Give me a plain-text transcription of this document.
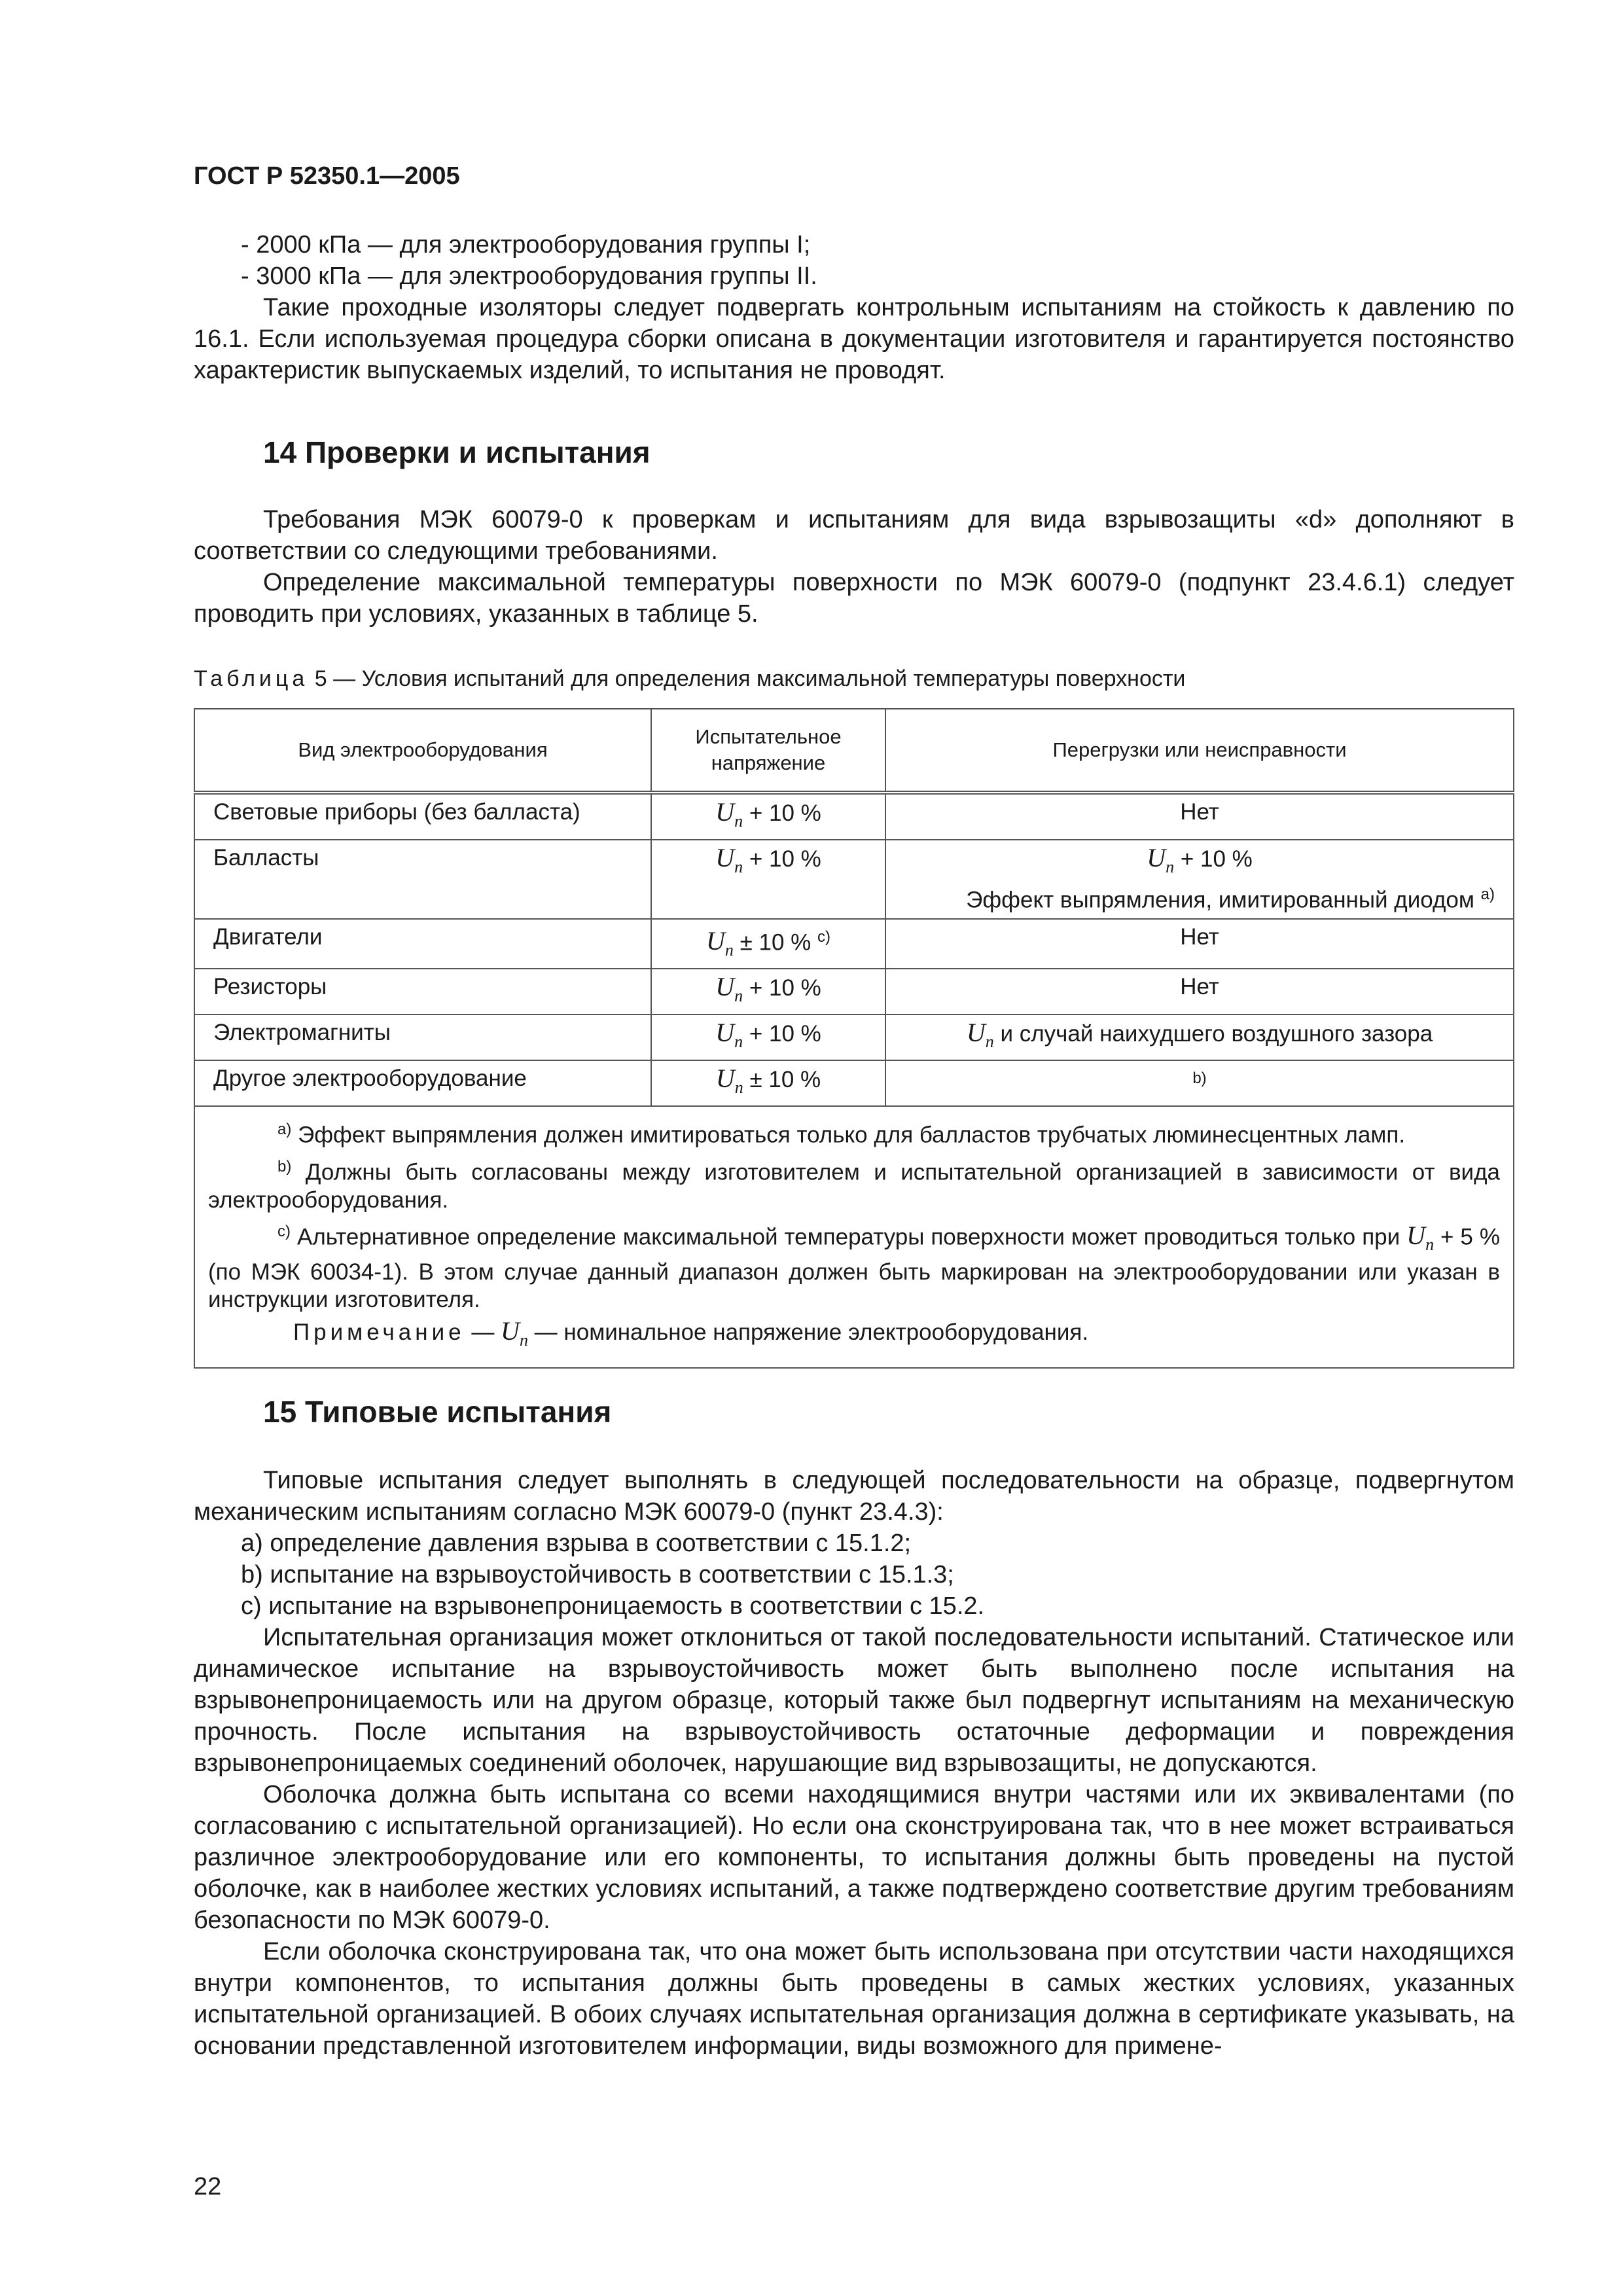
ГОСТ Р 52350.1—2005

- 2000 кПа — для электрооборудования группы I;

- 3000 кПа — для электрооборудования группы II.

Такие проходные изоляторы следует подвергать контрольным испытаниям на стойкость к давлению по 16.1. Если используемая процедура сборки описана в документации изготовителя и гарантируется постоянство характеристик выпускаемых изделий, то испытания не проводят.

14 Проверки и испытания

Требования МЭК 60079-0 к проверкам и испытаниям для вида взрывозащиты «d» дополняют в соответствии со следующими требованиями.

Определение максимальной температуры поверхности по МЭК 60079-0 (подпункт 23.4.6.1) следует проводить при условиях, указанных в таблице 5.

Таблица 5 — Условия испытаний для определения максимальной температуры поверхности
Вид электрооборудования	Испытательное напряжение	Перегрузки или неисправности
Световые приборы (без балласта)	$U_n + 10$ %	Нет
Балласты	$U_n + 10$ %	$U_n + 10$ %
Эффект выпрямления, имитированный диодом $^{a)}$

Двигатели	$U_n \pm 10$ % $^{c)}$	Нет
Резисторы	$U_n + 10$ %	Нет
Электромагниты	$U_n + 10$ %	$U_n$ и случай наихудшего воздушного зазора
Другое электрооборудование	$U_n \pm 10$ %	$^{b)}$

$^{a)}$ Эффект выпрямления должен имитироваться только для балластов трубчатых люминесцентных ламп.

$^{b)}$ Должны быть согласованы между изготовителем и испытательной организацией в зависимости от вида электрооборудования.

$^{c)}$ Альтернативное определение максимальной температуры поверхности может проводиться только при $U_n + 5$ % (по МЭК 60034-1). В этом случае данный диапазон должен быть маркирован на электрооборудовании или указан в инструкции изготовителя.

Примечание — $U_n$ — номинальное напряжение электрооборудования.		

15 Типовые испытания

Типовые испытания следует выполнять в следующей последовательности на образце, подвергнутом механическим испытаниям согласно МЭК 60079-0 (пункт 23.4.3):

a) определение давления взрыва в соответствии с 15.1.2;

b) испытание на взрывоустойчивость в соответствии с 15.1.3;

c) испытание на взрывонепроницаемость в соответствии с 15.2.

Испытательная организация может отклониться от такой последовательности испытаний. Статическое или динамическое испытание на взрывоустойчивость может быть выполнено после испытания на взрывонепроницаемость или на другом образце, который также был подвергнут испытаниям на механическую прочность. После испытания на взрывоустойчивость остаточные деформации и повреждения взрывонепроницаемых соединений оболочек, нарушающие вид взрывозащиты, не допускаются.

Оболочка должна быть испытана со всеми находящимися внутри частями или их эквивалентами (по согласованию с испытательной организацией). Но если она сконструирована так, что в нее может встраиваться различное электрооборудование или его компоненты, то испытания должны быть проведены на пустой оболочке, как в наиболее жестких условиях испытаний, а также подтверждено соответствие другим требованиям безопасности по МЭК 60079-0.

Если оболочка сконструирована так, что она может быть использована при отсутствии части находящихся внутри компонентов, то испытания должны быть проведены в самых жестких условиях, указанных испытательной организацией. В обоих случаях испытательная организация должна в сертификате указывать, на основании представленной изготовителем информации, виды возможного для примене-

22
